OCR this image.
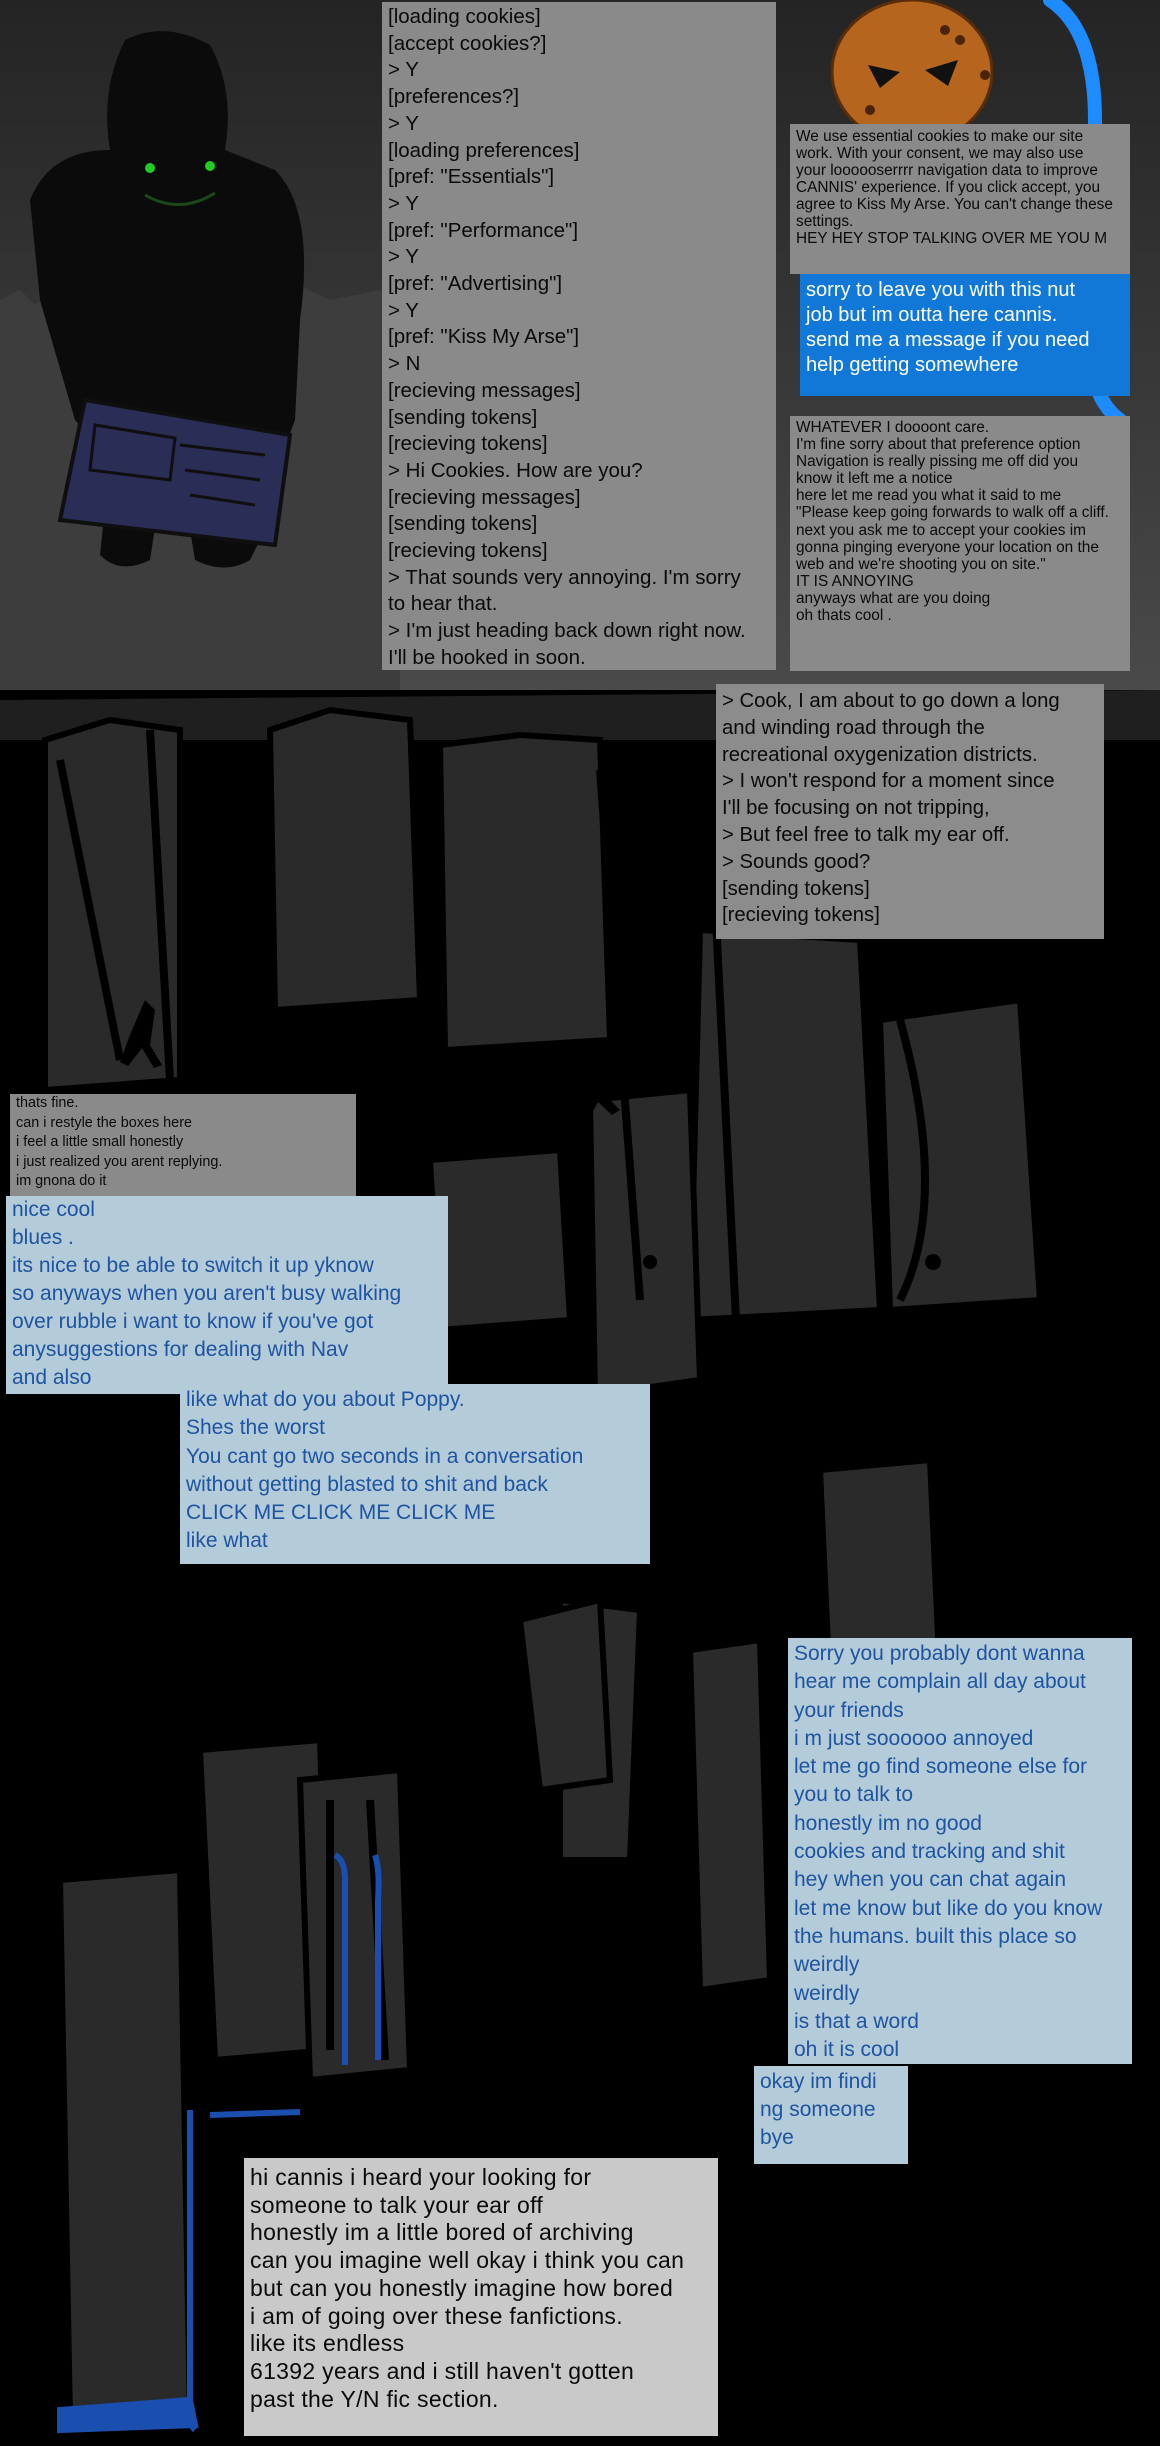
[loading cookies]
[accept cookies?]
> Y
[preferences?]
> Y
[loading preferences]
[pref: "Essentials"]
> Y
[pref: "Performance"]
> Y
[pref: "Advertising"]
> Y
[pref: "Kiss My Arse"]
> N
[recieving messages]
[sending tokens]
[recieving tokens]
> Hi Cookies. How are you?
[recieving messages]
[sending tokens]
[recieving tokens]
> That sounds very annoying. I'm sorry
to hear that.
> I'm just heading back down right now.
I'll be hooked in soon.
We use essential cookies to make our site
work. With your consent, we may also use
your loooooserrrr navigation data to improve
CANNIS' experience. If you click accept, you
agree to Kiss My Arse. You can't change these
settings.
HEY HEY STOP TALKING OVER ME YOU M
sorry to leave you with this nut
job but im outta here cannis.
send me a message if you need
help getting somewhere
WHATEVER I doooont care.
I'm fine sorry about that preference option
Navigation is really pissing me off did you
know it left me a notice
here let me read you what it said to me
"Please keep going forwards to walk off a cliff.
next you ask me to accept your cookies im
gonna pinging everyone your location on the
web and we're shooting you on site."
IT IS ANNOYING
anyways what are you doing
oh thats cool .
> Cook, I am about to go down a long
and winding road through the
recreational oxygenization districts.
> I won't respond for a moment since
I'll be focusing on not tripping,
> But feel free to talk my ear off.
> Sounds good?
[sending tokens]
[recieving tokens]
thats fine.
can i restyle the boxes here
i feel a little small honestly
i just realized you arent replying.
im gnona do it
nice cool
blues .
its nice to be able to switch it up yknow
so anyways when you aren't busy walking
over rubble i want to know if you've got
anysuggestions for dealing with Nav
and also
like what do you about Poppy.
Shes the worst
You cant go two seconds in a conversation
without getting blasted to shit and back
CLICK ME CLICK ME CLICK ME
like what
Sorry you probably dont wanna
hear me complain all day about
your friends
i m just soooooo annoyed
let me go find someone else for
you to talk to
honestly im no good
cookies and tracking and shit
hey when you can chat again
let me know but like do you know
the humans. built this place so
weirdly
weirdly
is that a word
oh it is cool
okay im findi
ng someone
bye
hi cannis i heard your looking for
someone to talk your ear off
honestly im a little bored of archiving
can you imagine well okay i think you can
but can you honestly imagine how bored
i am of going over these fanfictions.
like its endless
61392 years and i still haven't gotten
past the Y/N fic section.
